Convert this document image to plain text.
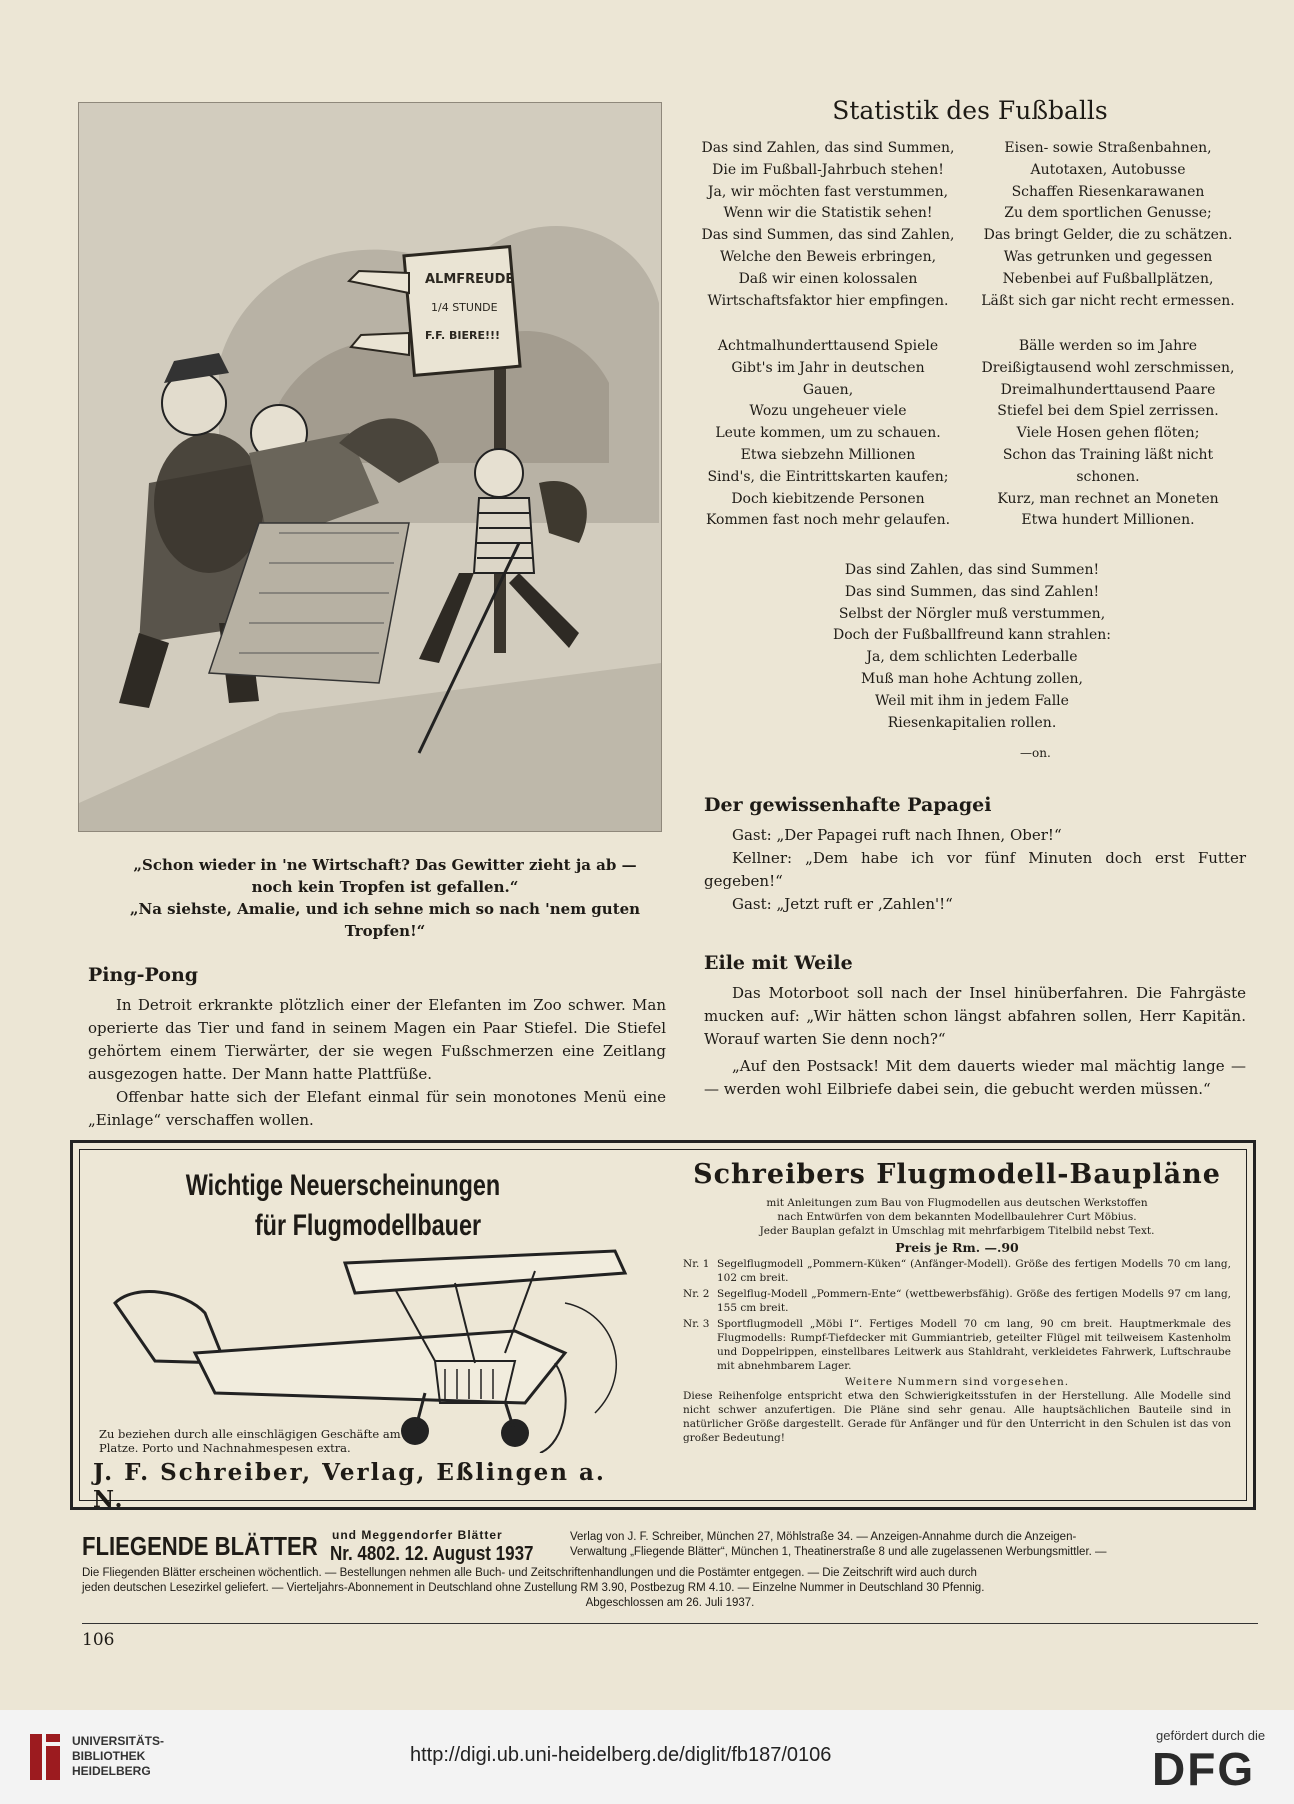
ALMFREUDE
1/4 STUNDE
F.F. BIERE!!!
„Schon wieder in 'ne Wirtschaft? Das Gewitter zieht ja ab —
noch kein Tropfen ist gefallen.“
„Na siehste, Amalie, und ich sehne mich so nach 'nem guten Tropfen!“
Ping-Pong
In Detroit erkrankte plötzlich einer der Elefanten im Zoo schwer. Man operierte das Tier und fand in seinem Magen ein Paar Stiefel. Die Stiefel gehörtem einem Tierwärter, der sie wegen Fußschmerzen eine Zeitlang ausgezogen hatte. Der Mann hatte Plattfüße.
Offenbar hatte sich der Elefant einmal für sein monotones Menü eine „Einlage“ verschaffen wollen.
Statistik des Fußballs
Das sind Zahlen, das sind Summen,
Die im Fußball-Jahrbuch stehen!
Ja, wir möchten fast verstummen,
Wenn wir die Statistik sehen!
Das sind Summen, das sind Zahlen,
Welche den Beweis erbringen,
Daß wir einen kolossalen
Wirtschaftsfaktor hier empfingen.
Eisen- sowie Straßenbahnen,
Autotaxen, Autobusse
Schaffen Riesenkarawanen
Zu dem sportlichen Genusse;
Das bringt Gelder, die zu schätzen.
Was getrunken und gegessen
Nebenbei auf Fußballplätzen,
Läßt sich gar nicht recht ermessen.
Achtmalhunderttausend Spiele
Gibt's im Jahr in deutschen
Gauen,
Wozu ungeheuer viele
Leute kommen, um zu schauen.
Etwa siebzehn Millionen
Sind's, die Eintrittskarten kaufen;
Doch kiebitzende Personen
Kommen fast noch mehr gelaufen.
Bälle werden so im Jahre
Dreißigtausend wohl zerschmissen,
Dreimalhunderttausend Paare
Stiefel bei dem Spiel zerrissen.
Viele Hosen gehen flöten;
Schon das Training läßt nicht
schonen.
Kurz, man rechnet an Moneten
Etwa hundert Millionen.
Das sind Zahlen, das sind Summen!
Das sind Summen, das sind Zahlen!
Selbst der Nörgler muß verstummen,
Doch der Fußballfreund kann strahlen:
Ja, dem schlichten Lederballe
Muß man hohe Achtung zollen,
Weil mit ihm in jedem Falle
Riesenkapitalien rollen.
—on.
Der gewissenhafte Papagei
Gast: „Der Papagei ruft nach Ihnen, Ober!“
Kellner: „Dem habe ich vor fünf Minuten doch erst Futter gegeben!“
Gast: „Jetzt ruft er ‚Zahlen'!“
Eile mit Weile
Das Motorboot soll nach der Insel hinüberfahren. Die Fahrgäste mucken auf: „Wir hätten schon längst abfahren sollen, Herr Kapitän. Worauf warten Sie denn noch?“
„Auf den Postsack! Mit dem dauerts wieder mal mächtig lange — — werden wohl Eilbriefe dabei sein, die gebucht werden müssen.“
Wichtige Neuerscheinungen
für Flugmodellbauer
Zu beziehen durch alle einschlägigen Geschäfte am
Platze. Porto und Nachnahmespesen extra.
J. F. Schreiber, Verlag, Eßlingen a. N.
Schreibers Flugmodell-Baupläne

mit Anleitungen zum Bau von Flugmodellen aus deutschen Werkstoffen

nach Entwürfen von dem bekannten Modellbaulehrer Curt Möbius.

Jeder Bauplan gefalzt in Umschlag mit mehrfarbigem Titelbild nebst Text.

Preis je Rm. —.90

Nr. 1 Segelflugmodell „Pommern-Küken“ (Anfänger-Modell). Größe des fertigen Modells 70 cm lang, 102 cm breit.
Nr. 2 Segelflug-Modell „Pommern-Ente“ (wettbewerbsfähig). Größe des fertigen Modells 97 cm lang, 155 cm breit.
Nr. 3 Sportflugmodell „Möbi I“. Fertiges Modell 70 cm lang, 90 cm breit. Hauptmerkmale des Flugmodells: Rumpf-Tiefdecker mit Gummiantrieb, geteilter Flügel mit teilweisem Kastenholm und Doppelrippen, einstellbares Leitwerk aus Stahldraht, verkleidetes Fahrwerk, Luftschraube mit abnehmbarem Lager.

Weitere Nummern sind vorgesehen.

Diese Reihenfolge entspricht etwa den Schwierigkeitsstufen in der Herstellung. Alle Modelle sind nicht schwer anzufertigen. Die Pläne sind sehr genau. Alle hauptsächlichen Bauteile sind in natürlicher Größe dargestellt. Gerade für Anfänger und für den Unterricht in den Schulen ist das von großer Bedeutung!

FLIEGENDE BLÄTTER und Meggendorfer Blätter
Nr. 4802. 12. August 1937
Verlag von J. F. Schreiber, München 27, Möhlstraße 34. — Anzeigen-Annahme durch die Anzeigen-
Verwaltung „Fliegende Blätter“, München 1, Theatinerstraße 8 und alle zugelassenen Werbungsmittler. —
Die Fliegenden Blätter erscheinen wöchentlich. — Bestellungen nehmen alle Buch- und Zeitschriftenhandlungen und die Postämter entgegen. — Die Zeitschrift wird auch durch
jeden deutschen Lesezirkel geliefert. — Vierteljahrs-Abonnement in Deutschland ohne Zustellung RM 3.90, Postbezug RM 4.10. — Einzelne Nummer in Deutschland 30 Pfennig.
Abgeschlossen am 26. Juli 1937.
106
UNIVERSITÄTS-
BIBLIOTHEK
HEIDELBERG
http://digi.ub.uni-heidelberg.de/diglit/fb187/0106
gefördert durch die
DFG
